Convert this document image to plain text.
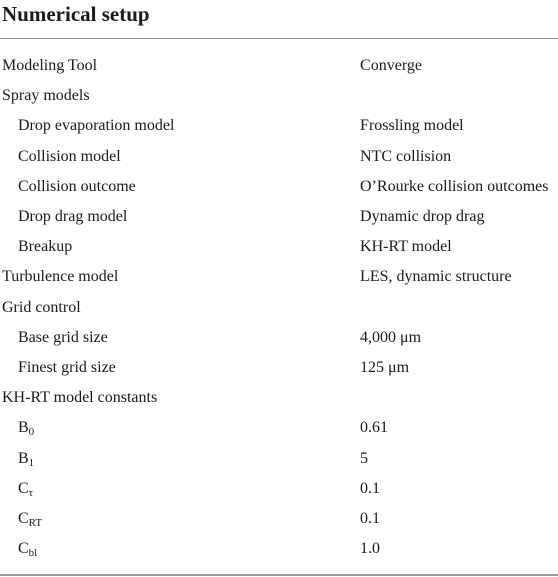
Numerical setup
Modeling Tool	Converge
Spray models	
Drop evaporation model	Frossling model
Collision model	NTC collision
Collision outcome	O’Rourke collision outcomes
Drop drag model	Dynamic drop drag
Breakup	KH-RT model
Turbulence model	LES, dynamic structure
Grid control	
Base grid size	4,000 μm
Finest grid size	125 μm
KH-RT model constants	
$B_0$	0.61
$B_1$	5
$C_\tau$	0.1
$C_{RT}$	0.1
$C_{bl}$	1.0
